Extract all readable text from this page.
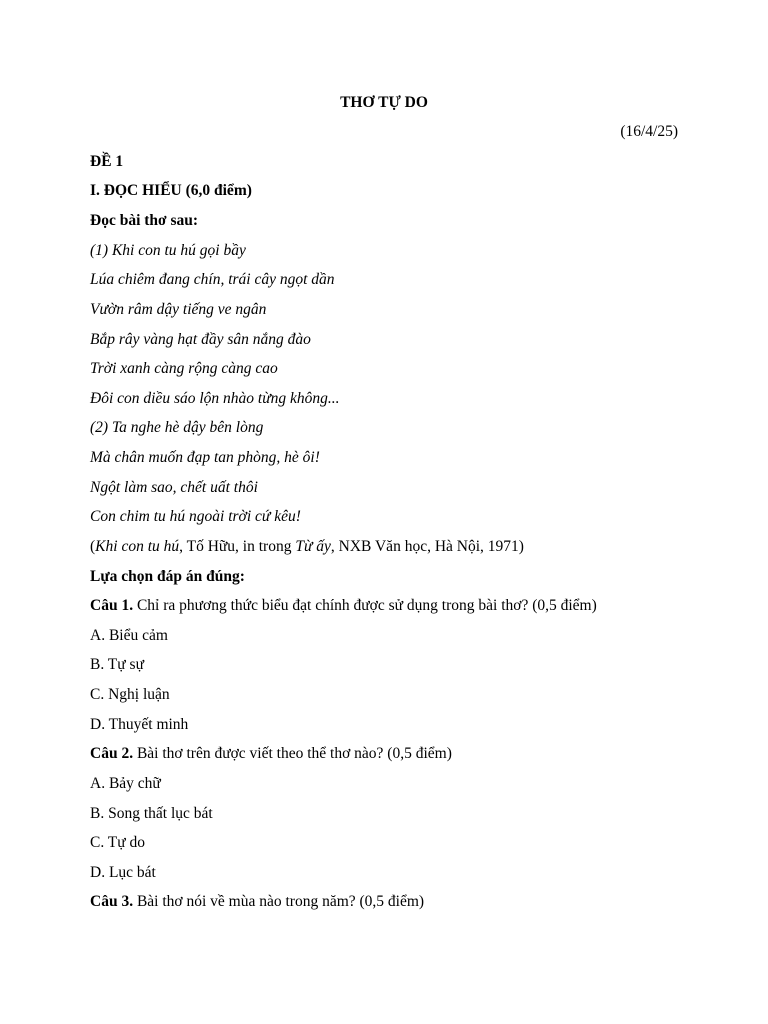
THƠ TỰ DO
(16/4/25)
ĐỀ 1
I. ĐỌC HIỂU (6,0 điểm)
Đọc bài thơ sau:
(1) Khi con tu hú gọi bầy
Lúa chiêm đang chín, trái cây ngọt dần
Vườn râm dậy tiếng ve ngân
Bắp rây vàng hạt đầy sân nắng đào
Trời xanh càng rộng càng cao
Đôi con diều sáo lộn nhào từng không...
(2) Ta nghe hè dậy bên lòng
Mà chân muốn đạp tan phòng, hè ôi!
Ngột làm sao, chết uất thôi
Con chim tu hú ngoài trời cứ kêu!
(Khi con tu hú, Tố Hữu, in trong Từ ấy, NXB Văn học, Hà Nội, 1971)
Lựa chọn đáp án đúng:
Câu 1. Chỉ ra phương thức biểu đạt chính được sử dụng trong bài thơ? (0,5 điểm)
A. Biểu cảm
B. Tự sự
C. Nghị luận
D. Thuyết minh
Câu 2. Bài thơ trên được viết theo thể thơ nào? (0,5 điểm)
A. Bảy chữ
B. Song thất lục bát
C. Tự do
D. Lục bát
Câu 3. Bài thơ nói về mùa nào trong năm? (0,5 điểm)
